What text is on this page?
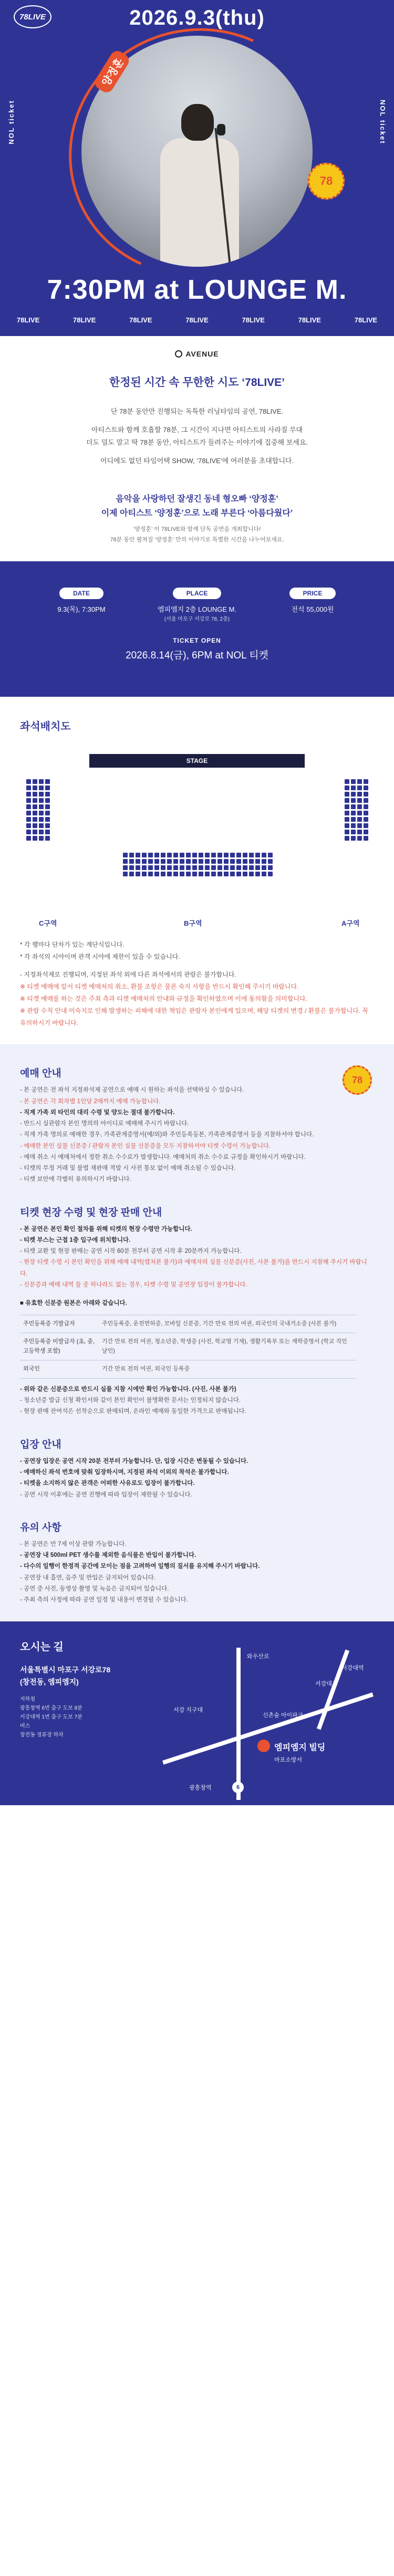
78LIVE	2026.9.3(thu)
NOL ticket	NOL ticket
양정훈
78
7:30PM at LOUNGE M.
78LIVE	78LIVE	78LIVE	78LIVE	78LIVE	78LIVE	78LIVE
AVENUE
한정된 시간 속 무한한 시도 ‘78LIVE’

단 78분 동안만 진행되는 독특한 러닝타임의 공연, 78LIVE.

아티스트와 함께 호흡할 78분, 그 시간이 지나면 아티스트의 사라질 무대
더도 덜도 말고 딱 78분 동안, 아티스트가 들려주는 이야기에 집중해 보세요.

어디에도 없던 타임어택 SHOW, ‘78LIVE’에 여러분을 초대합니다.

음악을 사랑하던 잘생긴 동네 형오빠 ‘양정훈’

이제 아티스트 ‘양정훈’으로 노래 부른다 ‘아름다웠다’

‘양정훈’ 이 78LIVE와 함께 단독 공연을 개최합니다!
78분 동안 펼쳐질 ‘양정훈’ 만의 이야기로 특별한 시간을 나누어보세요.

DATE
9.3(목), 7:30PM
PLACE
엠피엠지 2층 LOUNGE M.
(서울 마포구 서강로 78, 2층)
PRICE
전석 55,000원
TICKET OPEN
2026.8.14(금), 6PM at NOL 티켓
좌석배치도
STAGE
C구역	B구역	A구역
* 각 행마다 단차가 있는 계단식입니다.
* 각 좌석의 시야이며 관객 시야에 제한이 있을 수 있습니다.
- 지정좌석제로 진행되며, 지정된 좌석 외에 다른 좌석에서의 관람은 불가합니다.
※ 티켓 예매에 앞서 티켓 예매처의 취소, 환불 조항은 물론 숙지 사항을 반드시 확인해 주시기 바랍니다.
※ 티켓 예매를 하는 것은 주최 측과 티켓 예매처의 안내와 규정을 확인하였으며 이에 동의함을 의미합니다.
※ 관람 수칙 안내 미숙지로 인해 발생하는 피해에 대한 책임은 관람자 본인에게 있으며, 해당 티켓의 변경 / 환불은 불가합니다. 꼭 유의하시기 바랍니다.
78
예매 안내
- 본 공연은 전 좌석 지정좌석제 공연으로 예매 시 원하는 좌석을 선택하실 수 있습니다.
- 본 공연은 각 회차별 1인당 2매까지 예매 가능합니다.
- 직계 가족 외 타인의 대리 수령 및 양도는 절대 불가합니다.
- 반드시 실관람자 본인 명의의 아이디로 예매해 주시기 바랍니다.
- 직계 가족 명의로 예매한 경우, 가족관계증명서(예/외)와 주민등록등본, 가족관계증명서 등을 지참하셔야 합니다.
- 예매한 본인 실물 신분증 / 관람자 본인 실물 신분증을 모두 지참하셔야 티켓 수령이 가능합니다.
- 예매 취소 시 예매처에서 정한 취소 수수료가 발생합니다. 예매처의 취소 수수료 규정을 확인하시기 바랍니다.
- 티켓의 부정 거래 및 불법 재판매 적발 시 사전 통보 없이 예매 취소될 수 있습니다.
- 티켓 보안에 각별히 유의하시기 바랍니다.
티켓 현장 수령 및 현장 판매 안내
- 본 공연은 본인 확인 절차를 위해 티켓의 현장 수령만 가능합니다.
- 티켓 부스는 근접 1층 입구에 위치합니다.
- 티켓 교환 및 현장 판매는 공연 시작 60분 전부터 공연 시작 후 20분까지 가능합니다.
- 현장 티켓 수령 시 본인 확인을 위해 예매 내역(캡처본 불가)과 예매자의 실물 신분증(사진, 사본 불가)을 반드시 지참해 주시기 바랍니다.
- 신분증과 예매 내역 둘 중 하나라도 없는 경우, 티켓 수령 및 공연장 입장이 불가합니다.
■ 유효한 신분증 원본은 아래와 같습니다.
주민등록증 기발급자	주민등록증, 운전면허증, 모바일 신분증, 기간 만료 전의 여권, 외국인의 국내거소증 (사본 불가)
주민등록증 미발급자 (초, 중, 고등학생 포함)	기간 만료 전의 여권, 청소년증, 학생증 (사진, 학교명 기재), 생활기록부 또는 재학증명서 (학교 직인 날인)
외국인	기간 만료 전의 여권, 외국인 등록증
- 위와 같은 신분증으로 반드시 실물 지참 시에만 확인 가능합니다. (사진, 사본 불가)
- 청소년증 발급 신청 확인서와 같이 본인 확인이 불명확한 문서는 인정되지 않습니다.
- 현장 판매 잔여석은 선착순으로 판매되며, 온라인 예매와 동일한 가격으로 판매됩니다.
입장 안내
- 공연장 입장은 공연 시작 20분 전부터 가능합니다. 단, 입장 시간은 변동될 수 있습니다.
- 예매하신 좌석 번호에 맞춰 입장하시며, 지정된 좌석 이외의 착석은 불가합니다.
- 티켓을 소지하지 않은 관객은 어떠한 사유로도 입장이 불가합니다.
- 공연 시작 이후에는 공연 진행에 따라 입장이 제한될 수 있습니다.
유의 사항
- 본 공연은 만 7세 이상 관람 가능합니다.
- 공연장 내 500ml PET 생수를 제외한 음식물은 반입이 불가합니다.
- 다수의 일행이 한정적 공간에 모이는 점을 고려하여 일행의 질서를 유지해 주시기 바랍니다.
- 공연장 내 흡연, 음주 및 반입은 금지되어 있습니다.
- 공연 중 사진, 동영상 촬영 및 녹음은 금지되어 있습니다.
- 주최 측의 사정에 따라 공연 일정 및 내용이 변경될 수 있습니다.
오시는 길
서울특별시 마포구 서강로78
(창전동, 엠피엠지)
지하철
광흥창역 6번 출구 도보 8분
서강대역 1번 출구 도보 7분
버스
창전동 정류장 하차
와우산로
서강대역
서강대교
신촌숲 아이파크
서강 지구대
엠피엠지 빌딩
마포소방서
6
광흥창역
